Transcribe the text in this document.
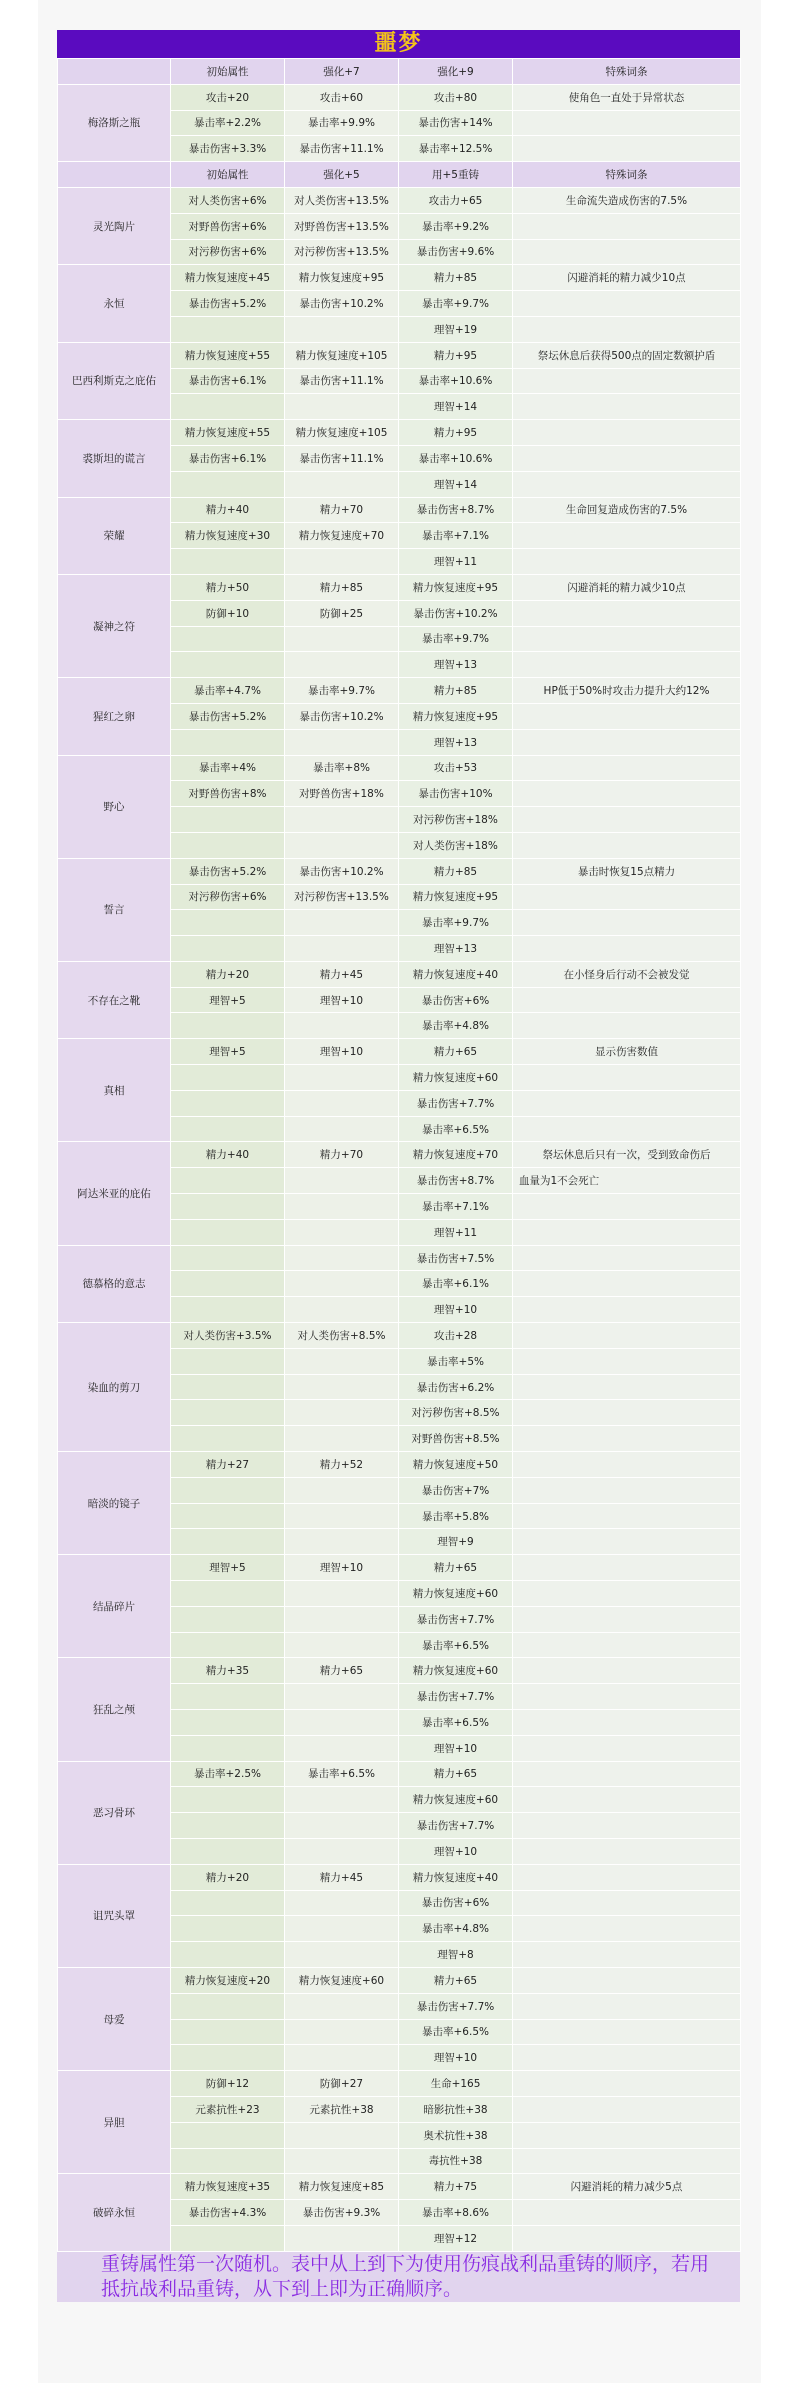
噩梦
	初始属性	强化+7	强化+9	特殊词条
梅洛斯之瓶	攻击+20	攻击+60	攻击+80	使角色一直处于异常状态
	暴击率+2.2%	暴击率+9.9%	暴击伤害+14%	
	暴击伤害+3.3%	暴击伤害+11.1%	暴击率+12.5%	
	初始属性	强化+5	用+5重铸	特殊词条
灵光陶片	对人类伤害+6%	对人类伤害+13.5%	攻击力+65	生命流失造成伤害的7.5%
	对野兽伤害+6%	对野兽伤害+13.5%	暴击率+9.2%	
	对污秽伤害+6%	对污秽伤害+13.5%	暴击伤害+9.6%	
永恒	精力恢复速度+45	精力恢复速度+95	精力+85	闪避消耗的精力减少10点
	暴击伤害+5.2%	暴击伤害+10.2%	暴击率+9.7%	
			理智+19	
巴西利斯克之庇佑	精力恢复速度+55	精力恢复速度+105	精力+95	祭坛休息后获得500点的固定数额护盾
	暴击伤害+6.1%	暴击伤害+11.1%	暴击率+10.6%	
			理智+14	
裘斯坦的谎言	精力恢复速度+55	精力恢复速度+105	精力+95	
	暴击伤害+6.1%	暴击伤害+11.1%	暴击率+10.6%	
			理智+14	
荣耀	精力+40	精力+70	暴击伤害+8.7%	生命回复造成伤害的7.5%
	精力恢复速度+30	精力恢复速度+70	暴击率+7.1%	
			理智+11	
凝神之符	精力+50	精力+85	精力恢复速度+95	闪避消耗的精力减少10点
	防御+10	防御+25	暴击伤害+10.2%	
			暴击率+9.7%	
			理智+13	
猩红之卵	暴击率+4.7%	暴击率+9.7%	精力+85	HP低于50%时攻击力提升大约12%
	暴击伤害+5.2%	暴击伤害+10.2%	精力恢复速度+95	
			理智+13	
野心	暴击率+4%	暴击率+8%	攻击+53	
	对野兽伤害+8%	对野兽伤害+18%	暴击伤害+10%	
			对污秽伤害+18%	
			对人类伤害+18%	
誓言	暴击伤害+5.2%	暴击伤害+10.2%	精力+85	暴击时恢复15点精力
	对污秽伤害+6%	对污秽伤害+13.5%	精力恢复速度+95	
			暴击率+9.7%	
			理智+13	
不存在之靴	精力+20	精力+45	精力恢复速度+40	在小怪身后行动不会被发觉
	理智+5	理智+10	暴击伤害+6%	
			暴击率+4.8%	
真相	理智+5	理智+10	精力+65	显示伤害数值
			精力恢复速度+60	
			暴击伤害+7.7%	
			暴击率+6.5%	
阿达米亚的庇佑	精力+40	精力+70	精力恢复速度+70	祭坛休息后只有一次，受到致命伤后
			暴击伤害+8.7%	血量为1不会死亡
			暴击率+7.1%	
			理智+11	
德慕格的意志			暴击伤害+7.5%	
			暴击率+6.1%	
			理智+10	
染血的剪刀	对人类伤害+3.5%	对人类伤害+8.5%	攻击+28	
			暴击率+5%	
			暴击伤害+6.2%	
			对污秽伤害+8.5%	
			对野兽伤害+8.5%	
暗淡的镜子	精力+27	精力+52	精力恢复速度+50	
			暴击伤害+7%	
			暴击率+5.8%	
			理智+9	
结晶碎片	理智+5	理智+10	精力+65	
			精力恢复速度+60	
			暴击伤害+7.7%	
			暴击率+6.5%	
狂乱之颅	精力+35	精力+65	精力恢复速度+60	
			暴击伤害+7.7%	
			暴击率+6.5%	
			理智+10	
恶习骨环	暴击率+2.5%	暴击率+6.5%	精力+65	
			精力恢复速度+60	
			暴击伤害+7.7%	
			理智+10	
诅咒头罩	精力+20	精力+45	精力恢复速度+40	
			暴击伤害+6%	
			暴击率+4.8%	
			理智+8	
母爱	精力恢复速度+20	精力恢复速度+60	精力+65	
			暴击伤害+7.7%	
			暴击率+6.5%	
			理智+10	
异胆	防御+12	防御+27	生命+165	
	元素抗性+23	元素抗性+38	暗影抗性+38	
			奥术抗性+38	
			毒抗性+38	
破碎永恒	精力恢复速度+35	精力恢复速度+85	精力+75	闪避消耗的精力减少5点
	暴击伤害+4.3%	暴击伤害+9.3%	暴击率+8.6%	
			理智+12	
重铸属性第一次随机。表中从上到下为使用伤痕战利品重铸的顺序，若用
抵抗战利品重铸，从下到上即为正确顺序。
